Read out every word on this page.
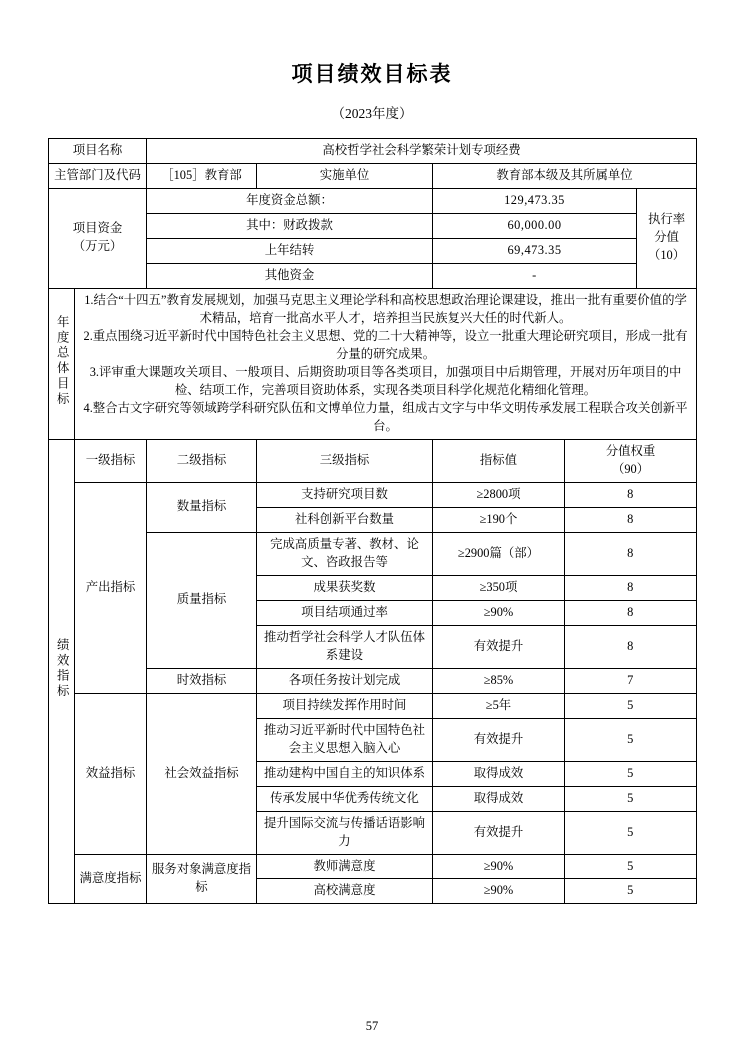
项目绩效目标表
（2023年度）
项目名称		高校哲学社会科学繁荣计划专项经费				
主管部门及代码		［105］教育部	实施单位	教育部本级及其所属单位		

项目资金
（万元）
	年度资金总额：	129,473.35	
执行率
分值
（10）

		其中：财政拨款		60,000.00		
		上年结转		69,473.35		
		其他资金		-		
年度总体目标	1.结合“十四五”教育发展规划，加强马克思主义理论学科和高校思想政治理论课建设，推出一批有重要价值的学术精品，培育一批高水平人才，培养担当民族复兴大任的时代新人。

2.重点围绕习近平新时代中国特色社会主义思想、党的二十大精神等，设立一批重大理论研究项目，形成一批有分量的研究成果。

3.评审重大课题攻关项目、一般项目、后期资助项目等各类项目，加强项目中后期管理，开展对历年项目的中检、结项工作，完善项目资助体系，实现各类项目科学化规范化精细化管理。

4.整合古文字研究等领域跨学科研究队伍和文博单位力量，组成古文字与中华文明传承发展工程联合攻关创新平台。					

绩效指标	一级指标	二级指标	三级指标	指标值	分值权重
（90）	

	产出指标	数量指标	支持研究项目数	≥2800项	8	
			社科创新平台数量	≥190个	8	
		质量指标	完成高质量专著、教材、论文、咨政报告等	≥2900篇（部）	8	
			成果获奖数	≥350项	8	
			项目结项通过率	≥90%	8	
			推动哲学社会科学人才队伍体系建设	有效提升	8	
		时效指标	各项任务按计划完成	≥85%	7	
	效益指标	社会效益指标	项目持续发挥作用时间	≥5年	5	
			推动习近平新时代中国特色社会主义思想入脑入心	有效提升	5	
			推动建构中国自主的知识体系	取得成效	5	
			传承发展中华优秀传统文化	取得成效	5	
			提升国际交流与传播话语影响力	有效提升	5	
	满意度指标	服务对象满意度指标	教师满意度	≥90%	5	
			高校满意度	≥90%	5	
57
